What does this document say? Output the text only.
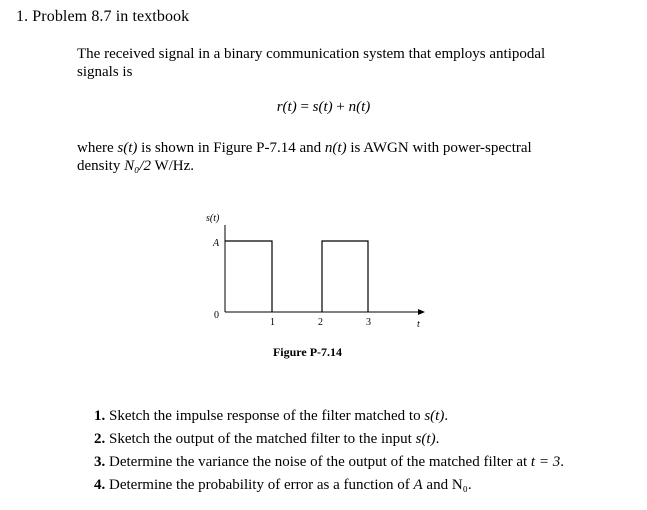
1. Problem 8.7 in textbook
The received signal in a binary communication system that employs antipodal
signals is
r(t) = s(t) + n(t)
where s(t) is shown in Figure P-7.14 and n(t) is AWGN with power-spectral
density N₀/2 W/Hz.
s(t)
A
0
1	2	3	t
Figure P-7.14
1. Sketch the impulse response of the filter matched to s(t).
2. Sketch the output of the matched filter to the input s(t).
3. Determine the variance the noise of the output of the matched filter at t = 3.
4. Determine the probability of error as a function of A and N₀.
